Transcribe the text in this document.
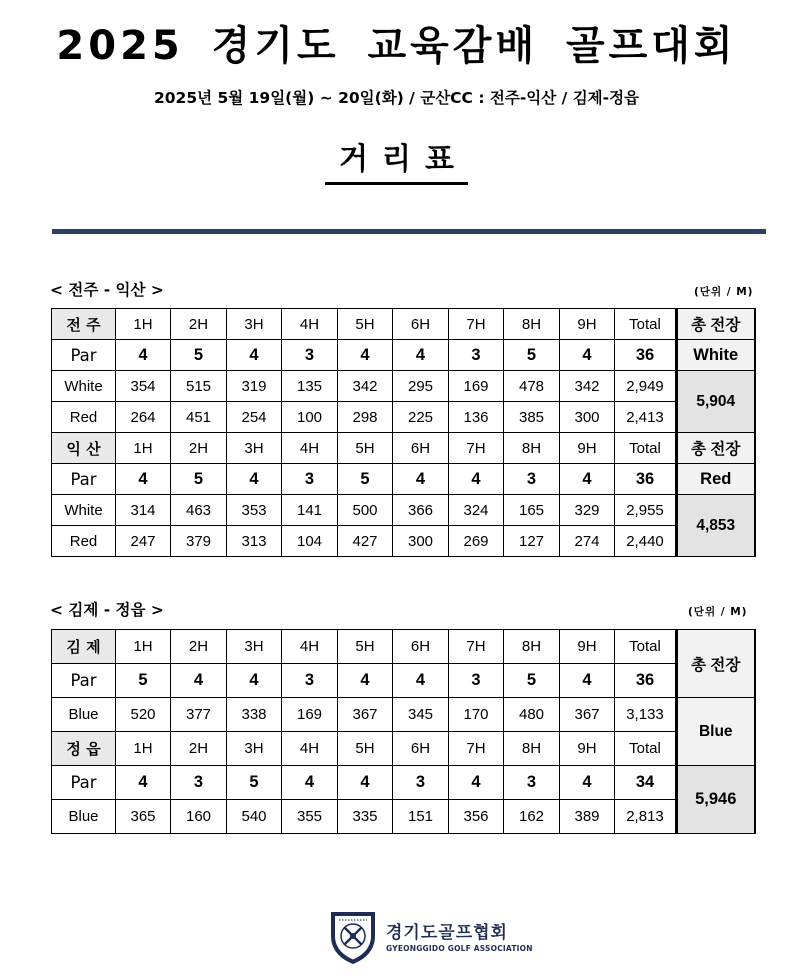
2025 경기도 교육감배 골프대회
2025년 5월 19일(월) ~ 20일(화) / 군산CC : 전주-익산 / 김제-정읍
거리표
< 전주 - 익산 >	(단위 / M)
전 주	1H	2H	3H	4H	5H	6H	7H	8H	9H	Total	총 전장
Par	4	5	4	3	4	4	3	5	4	36	White
White	354	515	319	135	342	295	169	478	342	2,949	5,904
Red	264	451	254	100	298	225	136	385	300	2,413	
익 산	1H	2H	3H	4H	5H	6H	7H	8H	9H	Total	총 전장
Par	4	5	4	3	5	4	4	3	4	36	Red
White	314	463	353	141	500	366	324	165	329	2,955	4,853
Red	247	379	313	104	427	300	269	127	274	2,440	
< 김제 - 정읍 >	(단위 / M)
김 제	1H	2H	3H	4H	5H	6H	7H	8H	9H	Total	총 전장
Par	5	4	4	3	4	4	3	5	4	36	
Blue	520	377	338	169	367	345	170	480	367	3,133	Blue
정 읍	1H	2H	3H	4H	5H	6H	7H	8H	9H	Total	
Par	4	3	5	4	4	3	4	3	4	34	5,946
Blue	365	160	540	355	335	151	356	162	389	2,813	
경기도골프협회
GYEONGGIDO GOLF ASSOCIATION
